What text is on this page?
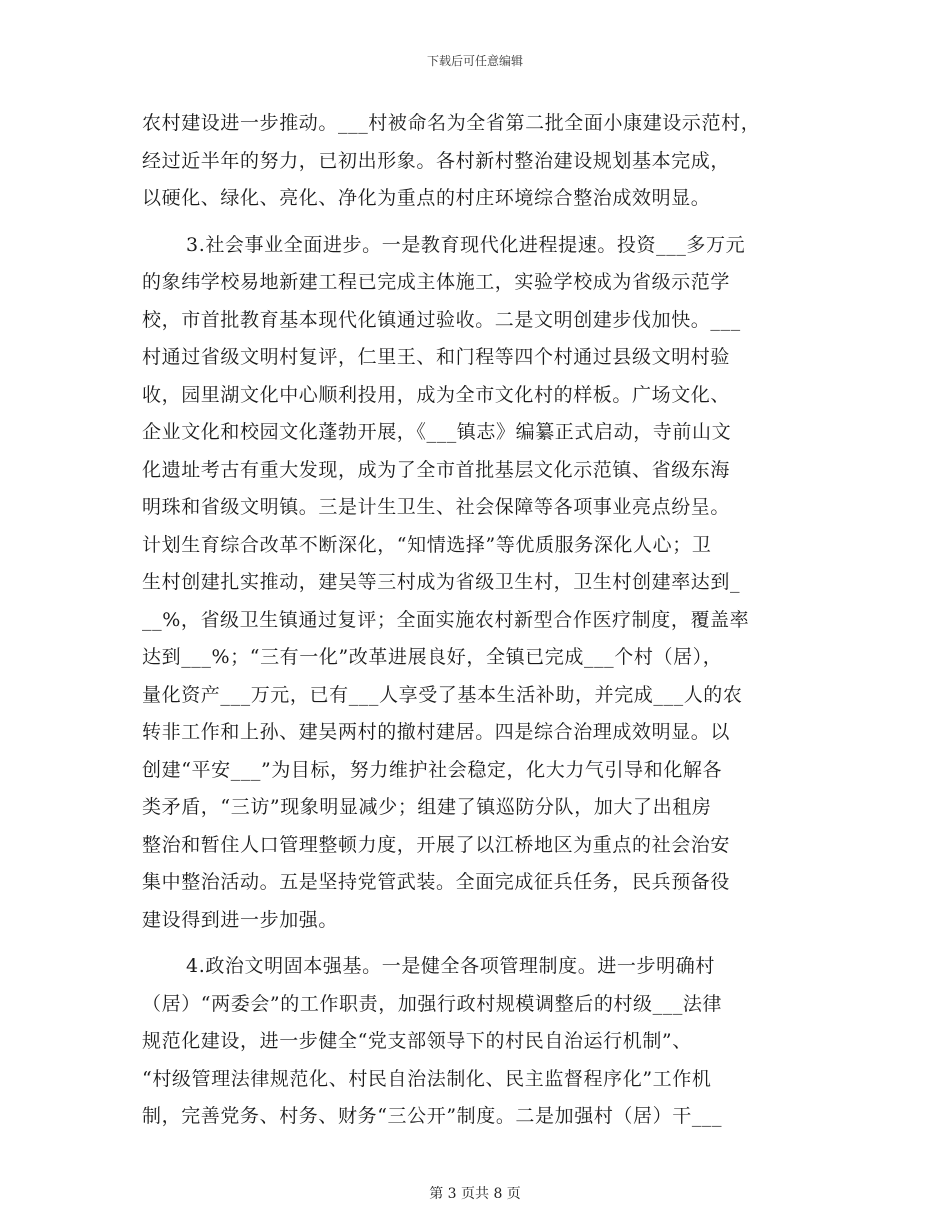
下载后可任意编辑
农村建设进一步推动。___村被命名为全省第二批全面小康建设示范村，
经过近半年的努力，已初出形象。各村新村整治建设规划基本完成，
以硬化、绿化、亮化、净化为重点的村庄环境综合整治成效明显。
3.社会事业全面进步。一是教育现代化进程提速。投资___多万元
的象纬学校易地新建工程已完成主体施工，实验学校成为省级示范学
校，市首批教育基本现代化镇通过验收。二是文明创建步伐加快。___
村通过省级文明村复评，仁里王、和门程等四个村通过县级文明村验
收，园里湖文化中心顺利投用，成为全市文化村的样板。广场文化、
企业文化和校园文化蓬勃开展，《___镇志》编纂正式启动，寺前山文
化遗址考古有重大发现，成为了全市首批基层文化示范镇、省级东海
明珠和省级文明镇。三是计生卫生、社会保障等各项事业亮点纷呈。
计划生育综合改革不断深化，“知情选择”等优质服务深化人心；卫
生村创建扎实推动，建吴等三村成为省级卫生村，卫生村创建率达到_
__%，省级卫生镇通过复评；全面实施农村新型合作医疗制度，覆盖率
达到___%；“三有一化”改革进展良好，全镇已完成___个村（居），
量化资产___万元，已有___人享受了基本生活补助，并完成___人的农
转非工作和上孙、建吴两村的撤村建居。四是综合治理成效明显。以
创建“平安___”为目标，努力维护社会稳定，化大力气引导和化解各
类矛盾，“三访”现象明显减少；组建了镇巡防分队，加大了出租房
整治和暂住人口管理整顿力度，开展了以江桥地区为重点的社会治安
集中整治活动。五是坚持党管武装。全面完成征兵任务，民兵预备役
建设得到进一步加强。
4.政治文明固本强基。一是健全各项管理制度。进一步明确村
（居）“两委会”的工作职责，加强行政村规模调整后的村级___法律
规范化建设，进一步健全“党支部领导下的村民自治运行机制”、
“村级管理法律规范化、村民自治法制化、民主监督程序化”工作机
制，完善党务、村务、财务“三公开”制度。二是加强村（居）干___
第 3 页共 8 页
